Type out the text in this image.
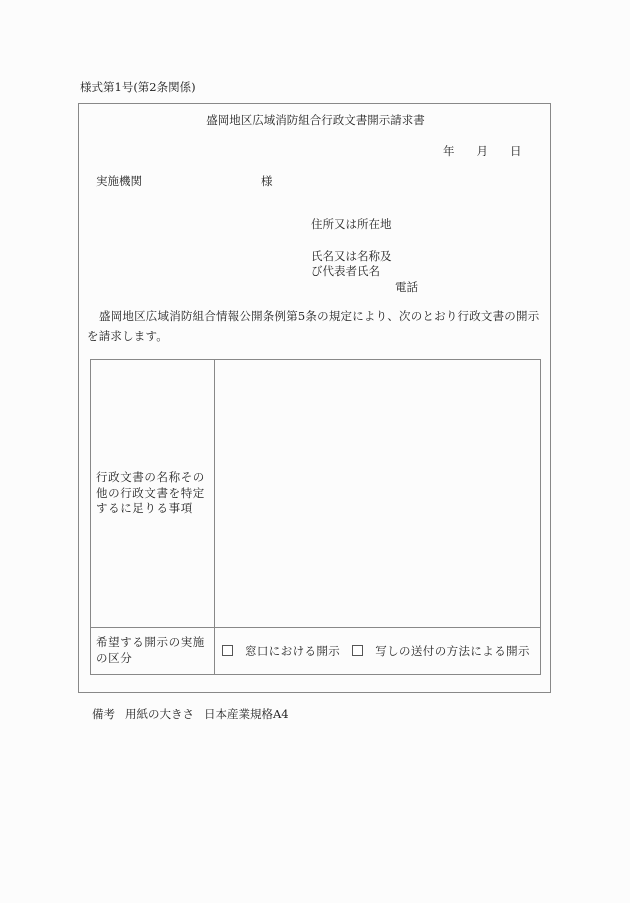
様式第1号(第2条関係)
盛岡地区広域消防組合行政文書開示請求書
年 月 日
実施機関	様
住所又は所在地
氏名又は名称及
び代表者氏名
電話
盛岡地区広域消防組合情報公開条例第5条の規定により、次のとおり行政文書の開示を請求します。
行政文書の名称その他の行政文書を特定するに足りる事項
希望する開示の実施の区分	窓口における開示	写しの送付の方法による開示
備考 用紙の大きさ 日本産業規格A4
